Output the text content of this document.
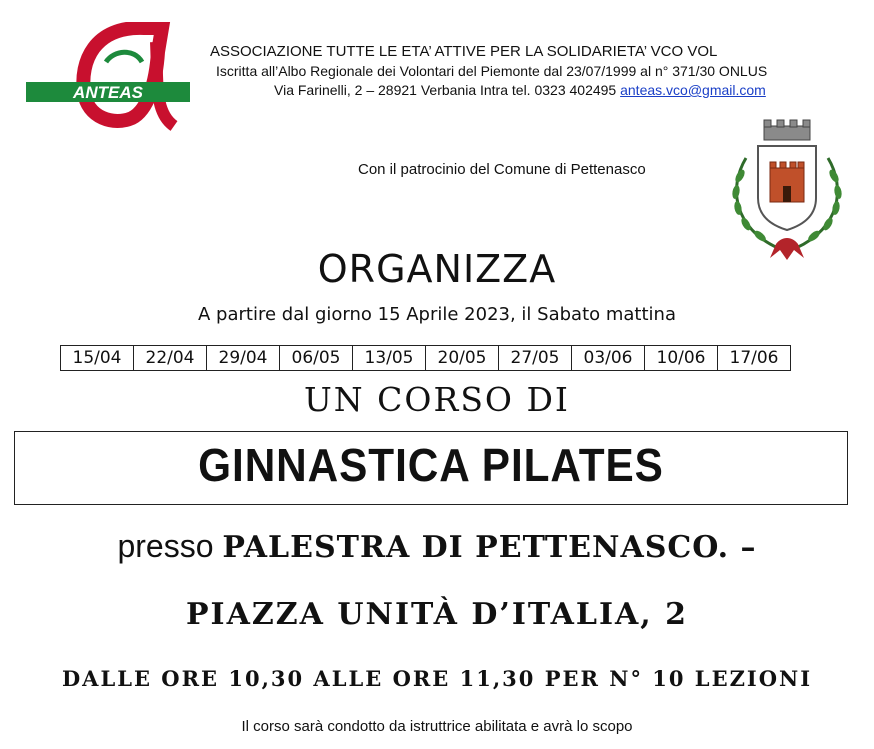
ANTEAS
ASSOCIAZIONE TUTTE LE ETA’ ATTIVE PER LA SOLIDARIETA’ VCO VOL
Iscritta all’Albo Regionale dei Volontari del Piemonte dal 23/07/1999 al n° 371/30 ONLUS
Via Farinelli, 2 – 28921 Verbania Intra tel. 0323 402495 anteas.vco@gmail.com
Con il patrocinio del Comune di Pettenasco
ORGANIZZA
A partire dal giorno 15 Aprile 2023, il Sabato mattina
15/04	22/04	29/04	06/05	13/05	20/05	27/05	03/06	10/06	17/06
UN CORSO DI
GINNASTICA PILATES
presso PALESTRA DI PETTENASCO. –
PIAZZA UNITÀ D’ITALIA, 2
DALLE ORE 10,30 ALLE ORE 11,30 PER N° 10 LEZIONI
Il corso sarà condotto da istruttrice abilitata e avrà lo scopo
